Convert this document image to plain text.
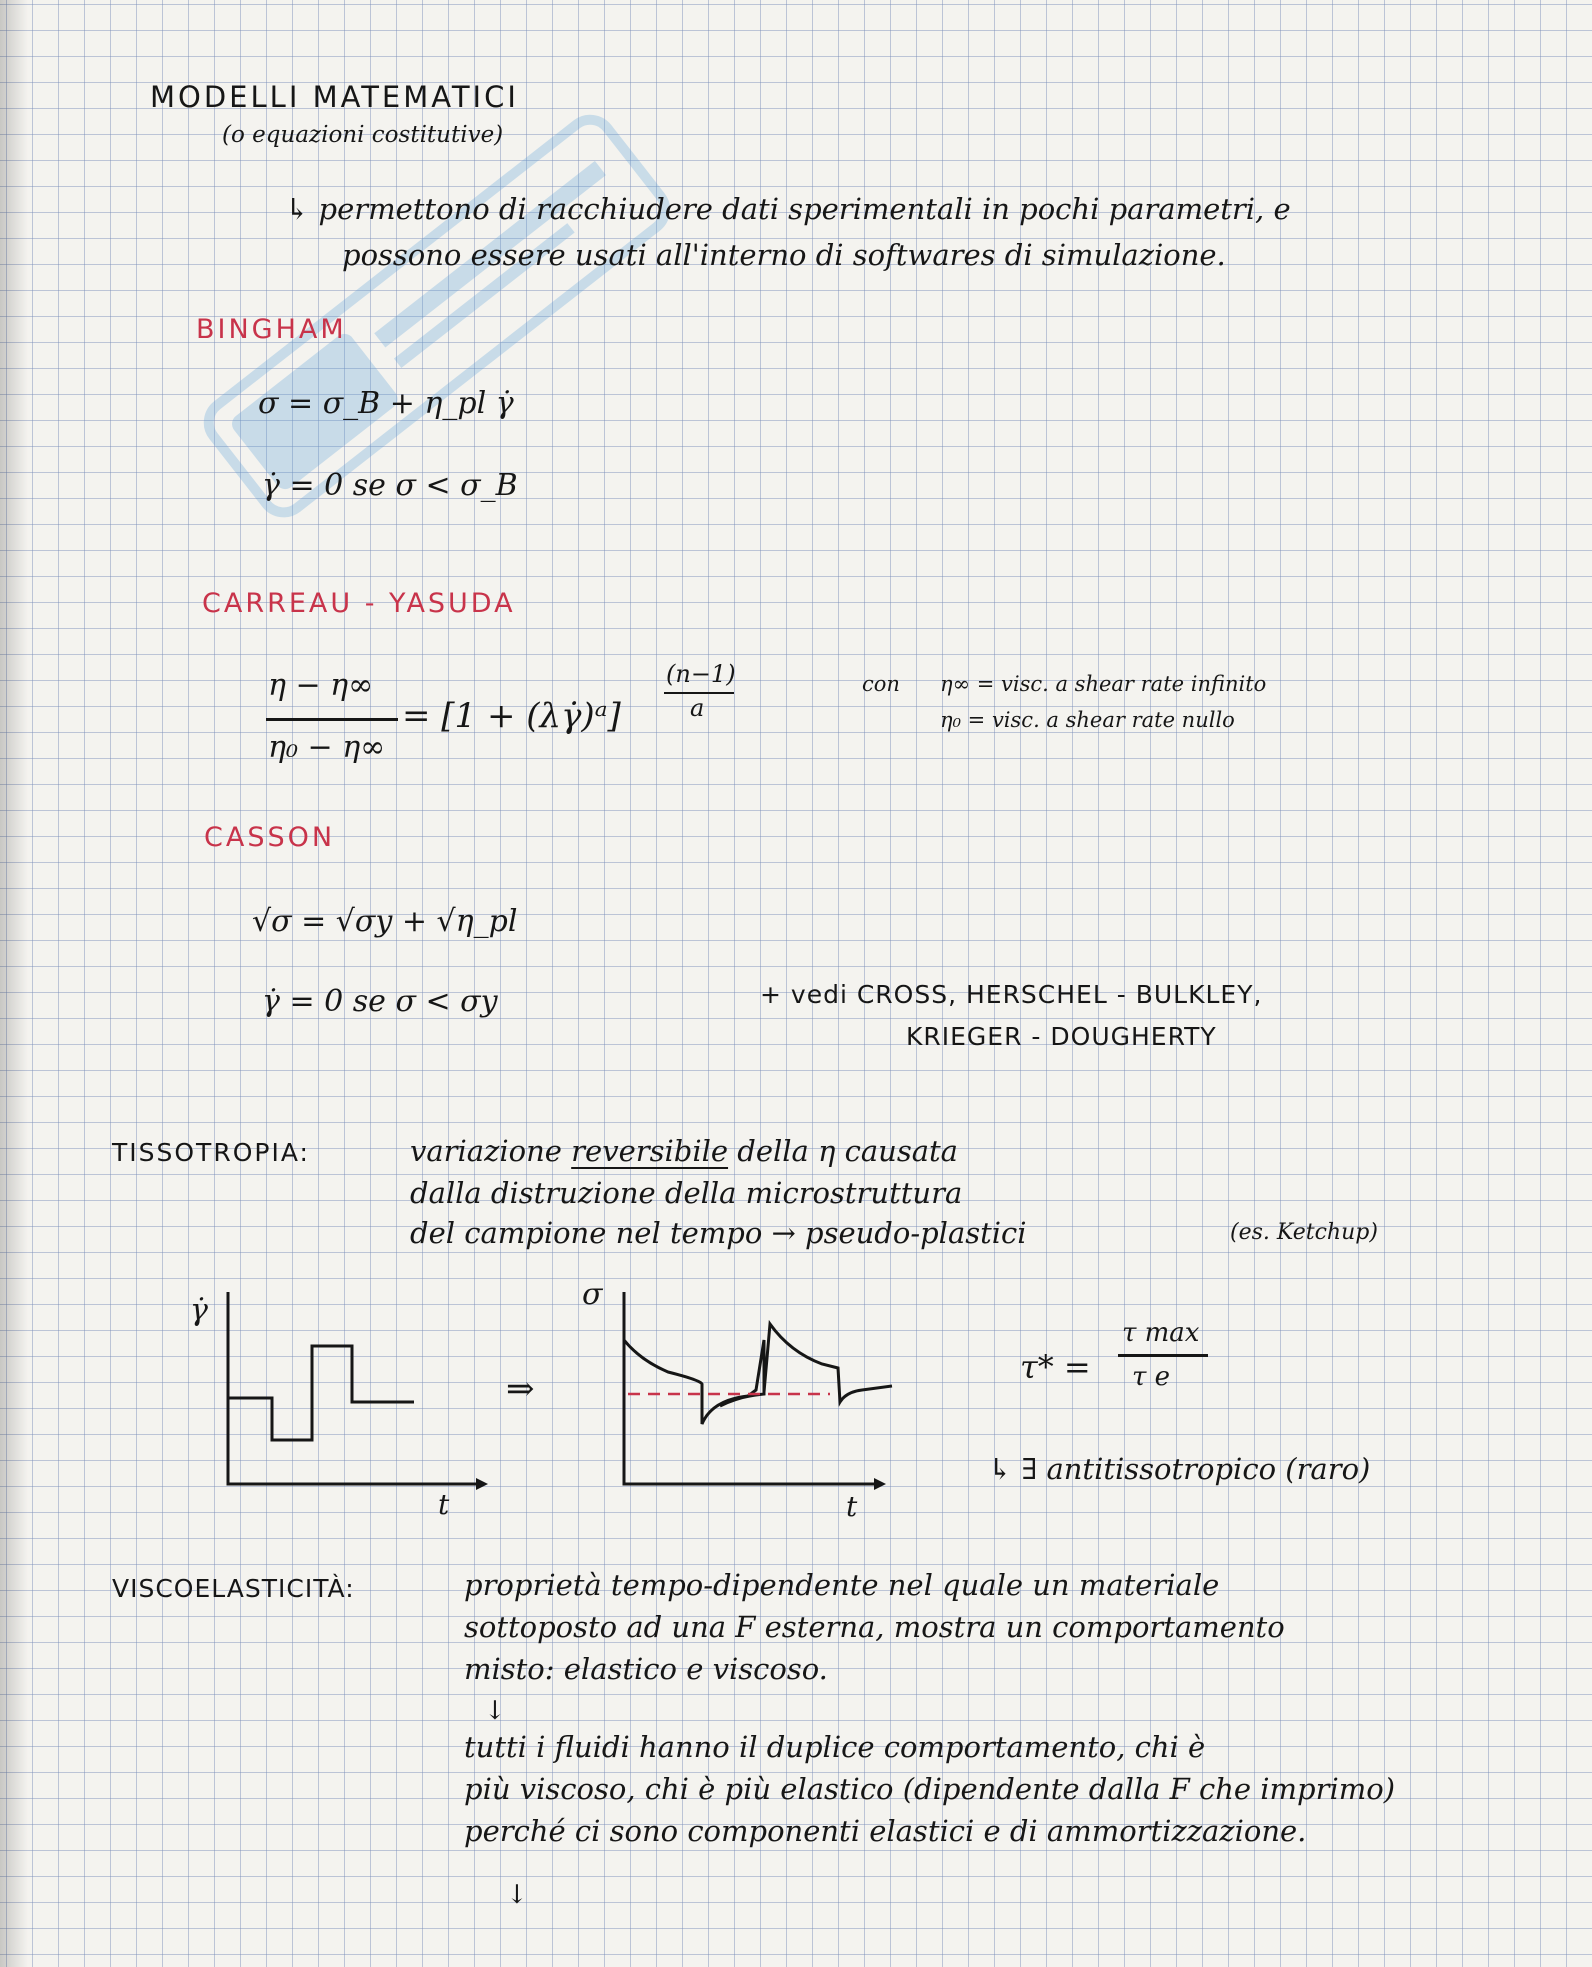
MODELLI MATEMATICI
(o equazioni costitutive)
↳ permettono di racchiudere dati sperimentali in pochi parametri, e
possono essere usati all'interno di softwares di simulazione.
BINGHAM
σ = σ_B + η_pl γ̇
γ̇ = 0 se σ < σ_B
CARREAU - YASUDA
η − η∞
η₀ − η∞
= [1 + (λγ̇)ᵃ]
(n−1)
a
con η∞ = visc. a shear rate infinito
η₀ = visc. a shear rate nullo
CASSON
√σ = √σy + √η_pl
γ̇ = 0 se σ < σy	+ vedi CROSS, HERSCHEL - BULKLEY,
KRIEGER - DOUGHERTY
TISSOTROPIA:	variazione reversibile della η causata
dalla distruzione della microstruttura
del campione nel tempo → pseudo-plastici	(es. Ketchup)
γ̇
t
⇒
σ
t
τ* =
τ max
τ e
↳ ∃ antitissotropico (raro)
VISCOELASTICITÀ:	proprietà tempo-dipendente nel quale un materiale
sottoposto ad una F esterna, mostra un comportamento
misto: elastico e viscoso.
↓
tutti i fluidi hanno il duplice comportamento, chi è
più viscoso, chi è più elastico (dipendente dalla F che imprimo)
perché ci sono componenti elastici e di ammortizzazione.
↓
